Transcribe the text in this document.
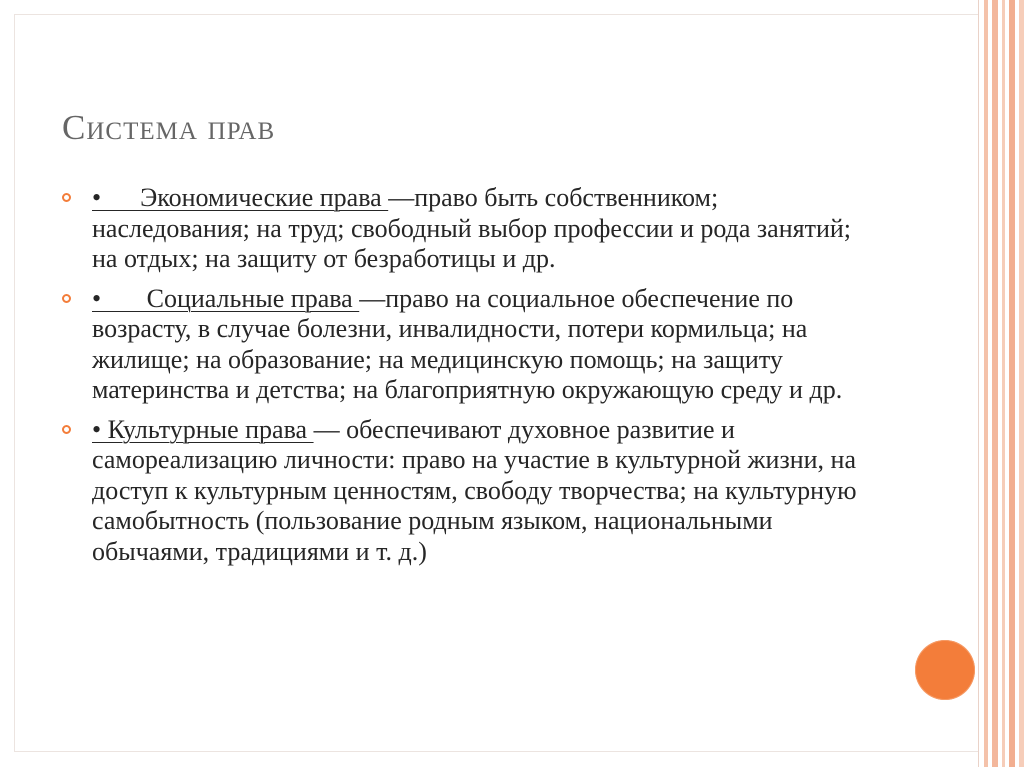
Система прав
•      Экономические права —право быть собственником; наследования; на труд; свободный выбор профессии и рода занятий; на отдых; на защиту от безработицы и др.
•       Социальные права —право на социальное обеспечение по возрасту, в случае болезни, инвалидности, потери кормильца; на жилище; на образование; на медицинскую помощь; на защиту материнства и детства; на благоприятную окружающую среду и др.
• Культурные права — обеспечивают духовное развитие и самореализацию личности: право на участие в культурной жизни, на доступ к культурным ценностям, свободу творчества; на культурную самобытность (пользование родным языком, национальными обычаями, традициями и т. д.)
